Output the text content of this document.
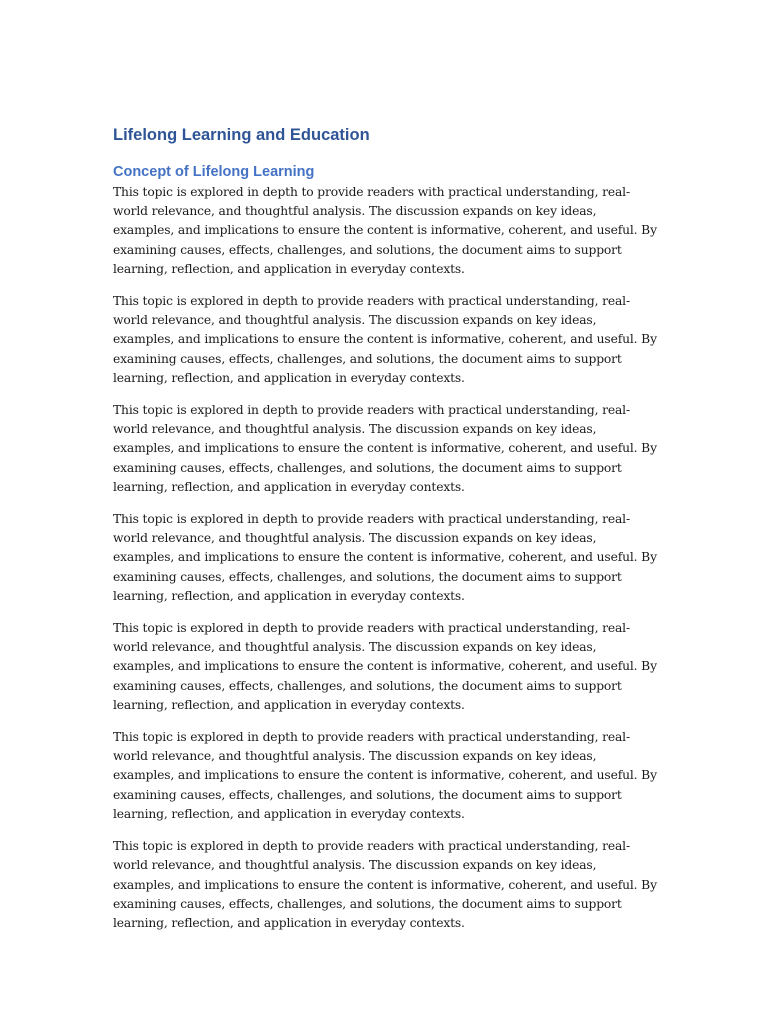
Lifelong Learning and Education
Concept of Lifelong Learning

This topic is explored in depth to provide readers with practical understanding, real-world relevance, and thoughtful analysis. The discussion expands on key ideas, examples, and implications to ensure the content is informative, coherent, and useful. By examining causes, effects, challenges, and solutions, the document aims to support learning, reflection, and application in everyday contexts.

This topic is explored in depth to provide readers with practical understanding, real-world relevance, and thoughtful analysis. The discussion expands on key ideas, examples, and implications to ensure the content is informative, coherent, and useful. By examining causes, effects, challenges, and solutions, the document aims to support learning, reflection, and application in everyday contexts.

This topic is explored in depth to provide readers with practical understanding, real-world relevance, and thoughtful analysis. The discussion expands on key ideas, examples, and implications to ensure the content is informative, coherent, and useful. By examining causes, effects, challenges, and solutions, the document aims to support learning, reflection, and application in everyday contexts.

This topic is explored in depth to provide readers with practical understanding, real-world relevance, and thoughtful analysis. The discussion expands on key ideas, examples, and implications to ensure the content is informative, coherent, and useful. By examining causes, effects, challenges, and solutions, the document aims to support learning, reflection, and application in everyday contexts.

This topic is explored in depth to provide readers with practical understanding, real-world relevance, and thoughtful analysis. The discussion expands on key ideas, examples, and implications to ensure the content is informative, coherent, and useful. By examining causes, effects, challenges, and solutions, the document aims to support learning, reflection, and application in everyday contexts.

This topic is explored in depth to provide readers with practical understanding, real-world relevance, and thoughtful analysis. The discussion expands on key ideas, examples, and implications to ensure the content is informative, coherent, and useful. By examining causes, effects, challenges, and solutions, the document aims to support learning, reflection, and application in everyday contexts.

This topic is explored in depth to provide readers with practical understanding, real-world relevance, and thoughtful analysis. The discussion expands on key ideas, examples, and implications to ensure the content is informative, coherent, and useful. By examining causes, effects, challenges, and solutions, the document aims to support learning, reflection, and application in everyday contexts.
